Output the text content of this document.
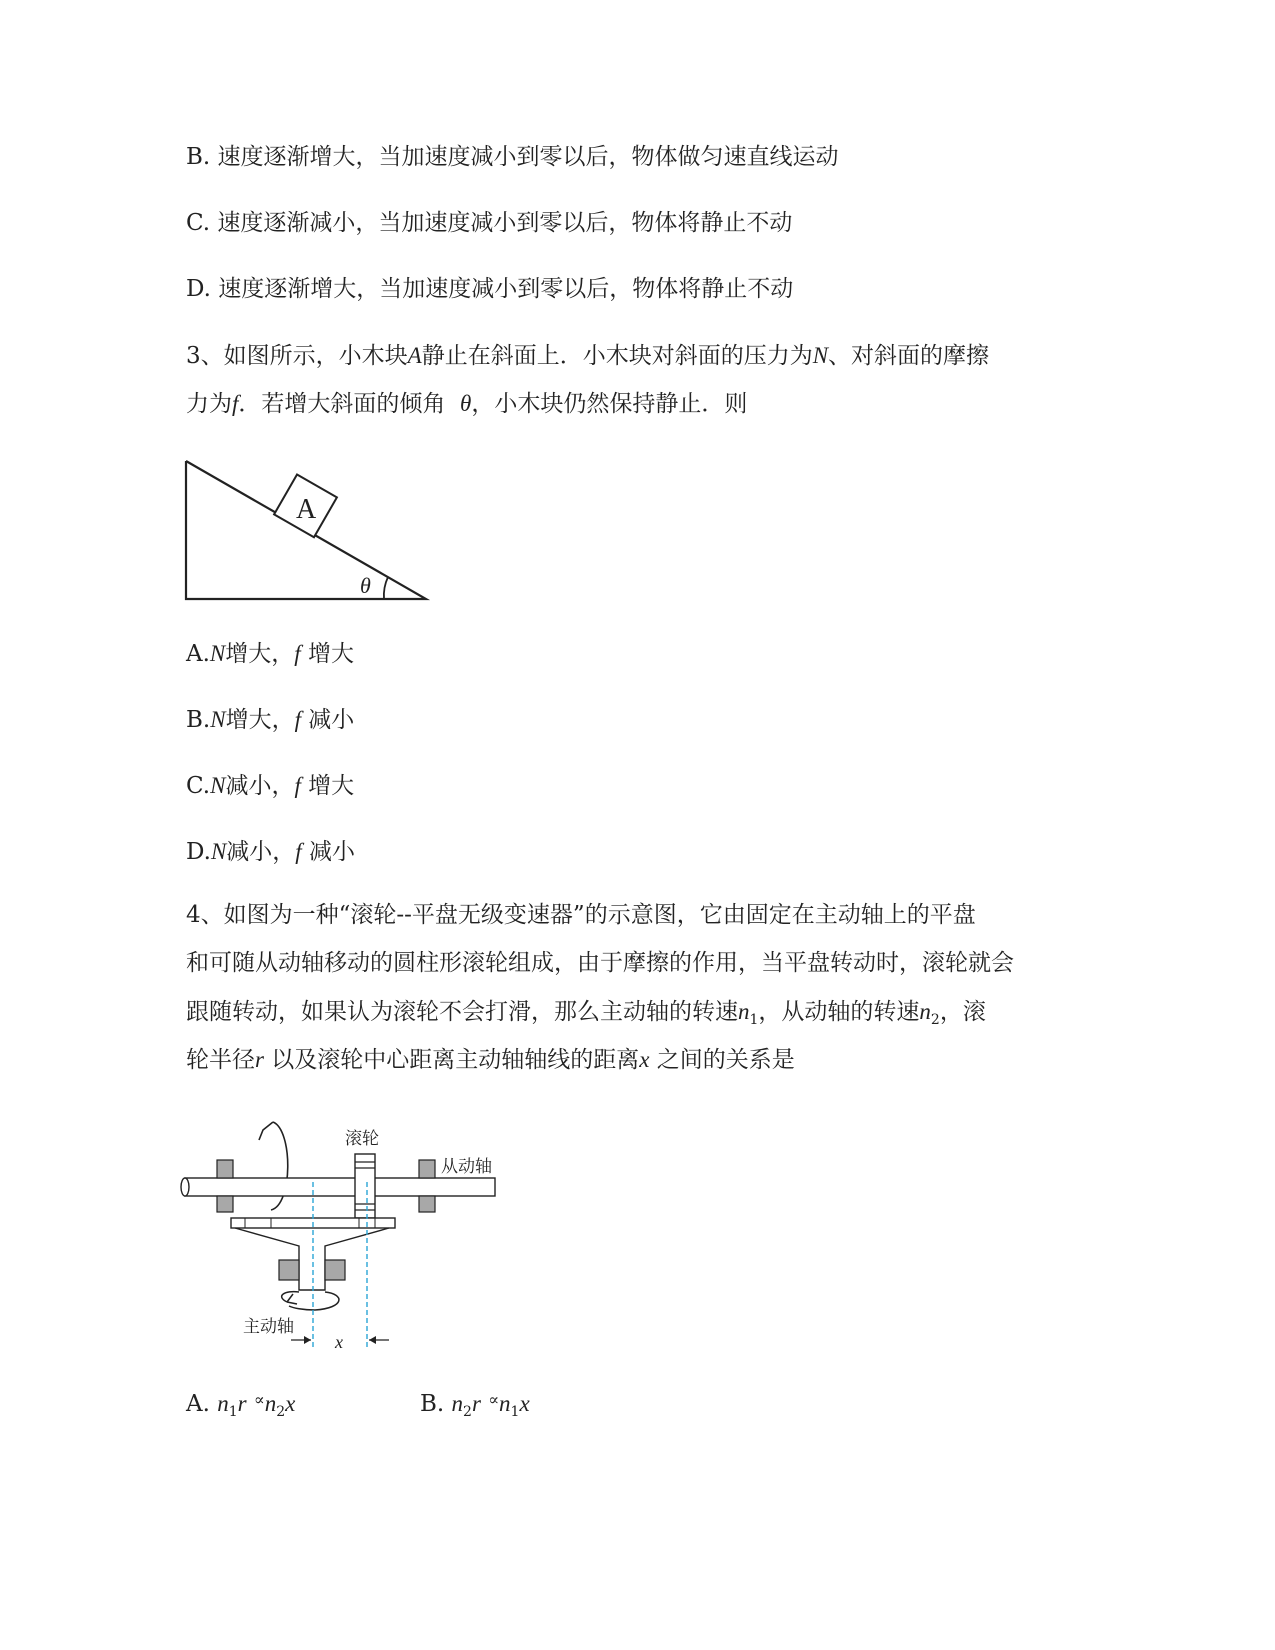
B. 速度逐渐增大，当加速度减小到零以后，物体做匀速直线运动
C. 速度逐渐减小，当加速度减小到零以后，物体将静止不动
D. 速度逐渐增大，当加速度减小到零以后，物体将静止不动
3、如图所示，小木块A静止在斜面上．小木块对斜面的压力为N、对斜面的摩擦
力为f．若增大斜面的倾角 θ，小木块仍然保持静止．则
A
θ
A.N增大，f 增大
B.N增大，f 减小
C.N减小，f 增大
D.N减小，f 减小
4、如图为一种“滚轮--平盘无级变速器”的示意图，它由固定在主动轴上的平盘
和可随从动轴移动的圆柱形滚轮组成，由于摩擦的作用，当平盘转动时，滚轮就会
跟随转动，如果认为滚轮不会打滑，那么主动轴的转速$n_1$，从动轴的转速$n_2$，滚
轮半径r 以及滚轮中心距离主动轴轴线的距离x 之间的关系是
滚轮
从动轴
主动轴
x
A. $n_1r$ $^\propto n_2x$	B. $n_2r$ $^\propto n_1x$
